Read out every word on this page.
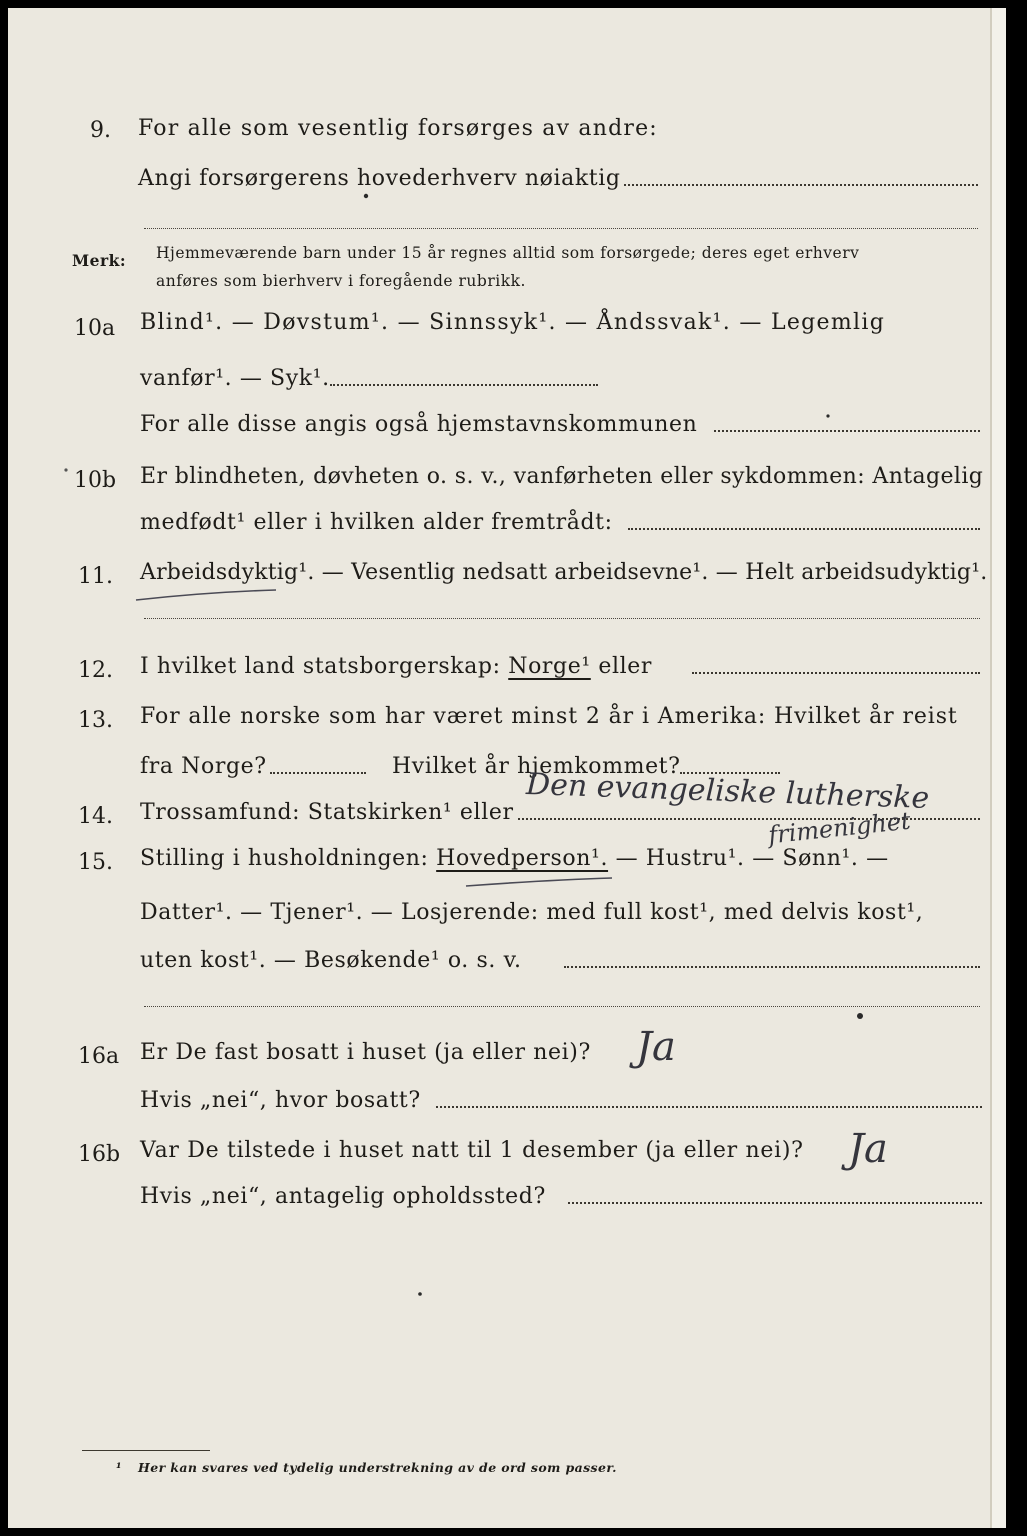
9. For alle som vesentlig forsørges av andre:
Angi forsørgerens hovederhverv nøiaktig
Merk: Hjemmeværende barn under 15 år regnes alltid som forsørgede; deres eget erhverv
anføres som bierhverv i foregående rubrikk.
10a Blind¹. — Døvstum¹. — Sinnssyk¹. — Åndssvak¹. — Legemlig
vanfør¹. — Syk¹.
For alle disse angis også hjemstavnskommunen
10b Er blindheten, døvheten o. s. v., vanførheten eller sykdommen: Antagelig
medfødt¹ eller i hvilken alder fremtrådt:
11. Arbeidsdyktig¹. — Vesentlig nedsatt arbeidsevne¹. — Helt arbeidsudyktig¹.
12. I hvilket land statsborgerskap: Norge¹ eller
13. For alle norske som har været minst 2 år i Amerika: Hvilket år reist
fra Norge?	Hvilket år hjemkommet?
14. Trossamfund: Statskirken¹ eller Den evangeliske lutherske
frimenighet
15. Stilling i husholdningen: Hovedperson¹. — Hustru¹. — Sønn¹. —
Datter¹. — Tjener¹. — Losjerende: med full kost¹, med delvis kost¹,
uten kost¹. — Besøkende¹ o. s. v.
16a Er De fast bosatt i huset (ja eller nei)? Ja
Hvis „nei“, hvor bosatt?
16b Var De tilstede i huset natt til 1 desember (ja eller nei)? Ja
Hvis „nei“, antagelig opholdssted?
¹ Her kan svares ved tydelig understrekning av de ord som passer.
